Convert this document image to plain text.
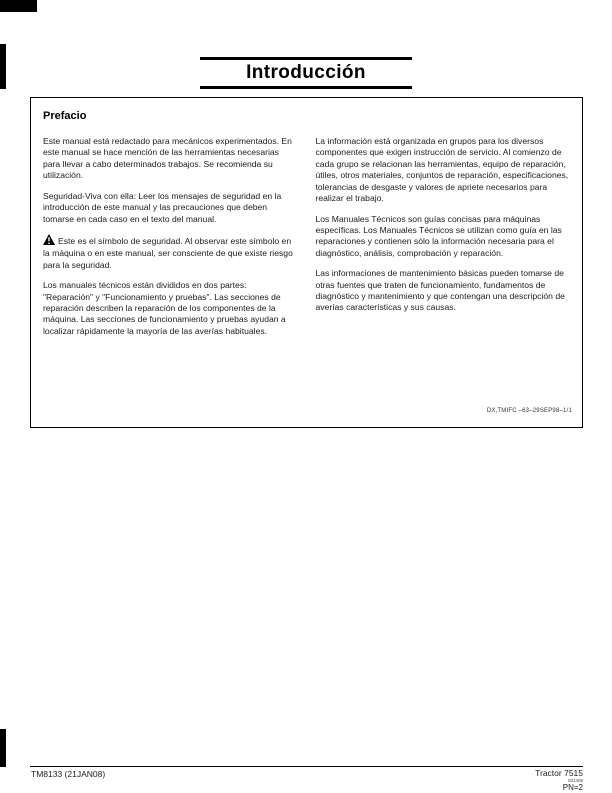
Introducción
Prefacio

Este manual está redactado para mecánicos experimentados. En este manual se hace mención de las herramientas necesarias para llevar a cabo determinados trabajos. Se recomienda su utilización.

Seguridad-Viva con ella: Leer los mensajes de seguridad en la introducción de este manual y las precauciones que deben tomarse en cada caso en el texto del manual.

Este es el símbolo de seguridad. Al observar este símbolo en la máquina o en este manual, ser consciente de que existe riesgo para la seguridad.

Los manuales técnicos están divididos en dos partes: "Reparación" y "Funcionamiento y pruebas". Las secciones de reparación describen la reparación de los componentes de la máquina. Las secciones de funcionamiento y pruebas ayudan a localizar rápidamente la mayoría de las averías habituales.

La información está organizada en grupos para los diversos componentes que exigen instrucción de servicio. Al comienzo de cada grupo se relacionan las herramientas, equipo de reparación, útiles, otros materiales, conjuntos de reparación, especificaciones, tolerancias de desgaste y valores de apriete necesarios para realizar el trabajo.

Los Manuales Técnicos son guías concisas para máquinas específicas. Los Manuales Técnicos se utilizan como guía en las reparaciones y contienen sólo la información necesaria para el diagnóstico, análisis, comprobación y reparación.

Las informaciones de mantenimiento básicas pueden tomarse de otras fuentes que traten de funcionamiento, fundamentos de diagnóstico y mantenimiento y que contengan una descripción de averías características y sus causas.

DX,TMIFC –63–29SEP98–1/1
TM8133 (21JAN08)	Tractor 7515
031408
PN=2
